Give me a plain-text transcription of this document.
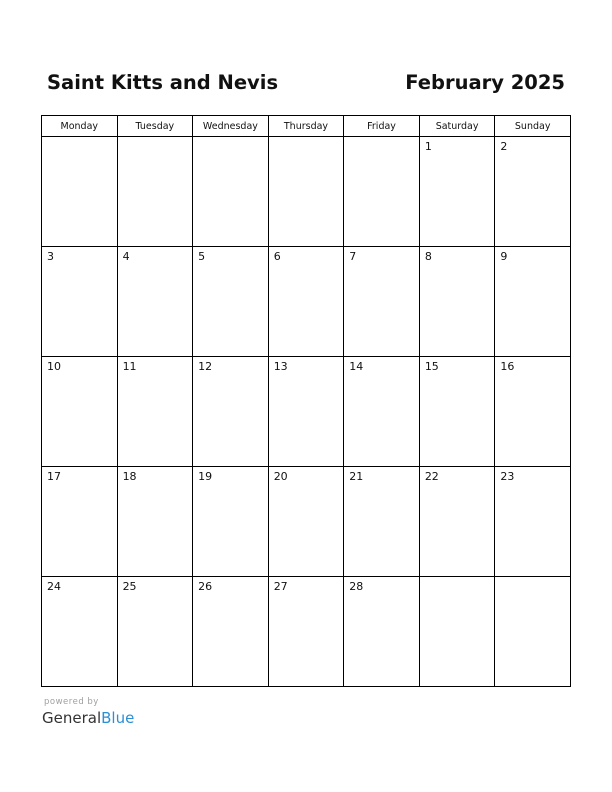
Saint Kitts and Nevis	February 2025
Monday	Tuesday	Wednesday	Thursday	Friday	Saturday	Sunday

					1	2

3	4	5	6	7	8	9

10	11	12	13	14	15	16

17	18	19	20	21	22	23

24	25	26	27	28		

powered by
GeneralBlue
